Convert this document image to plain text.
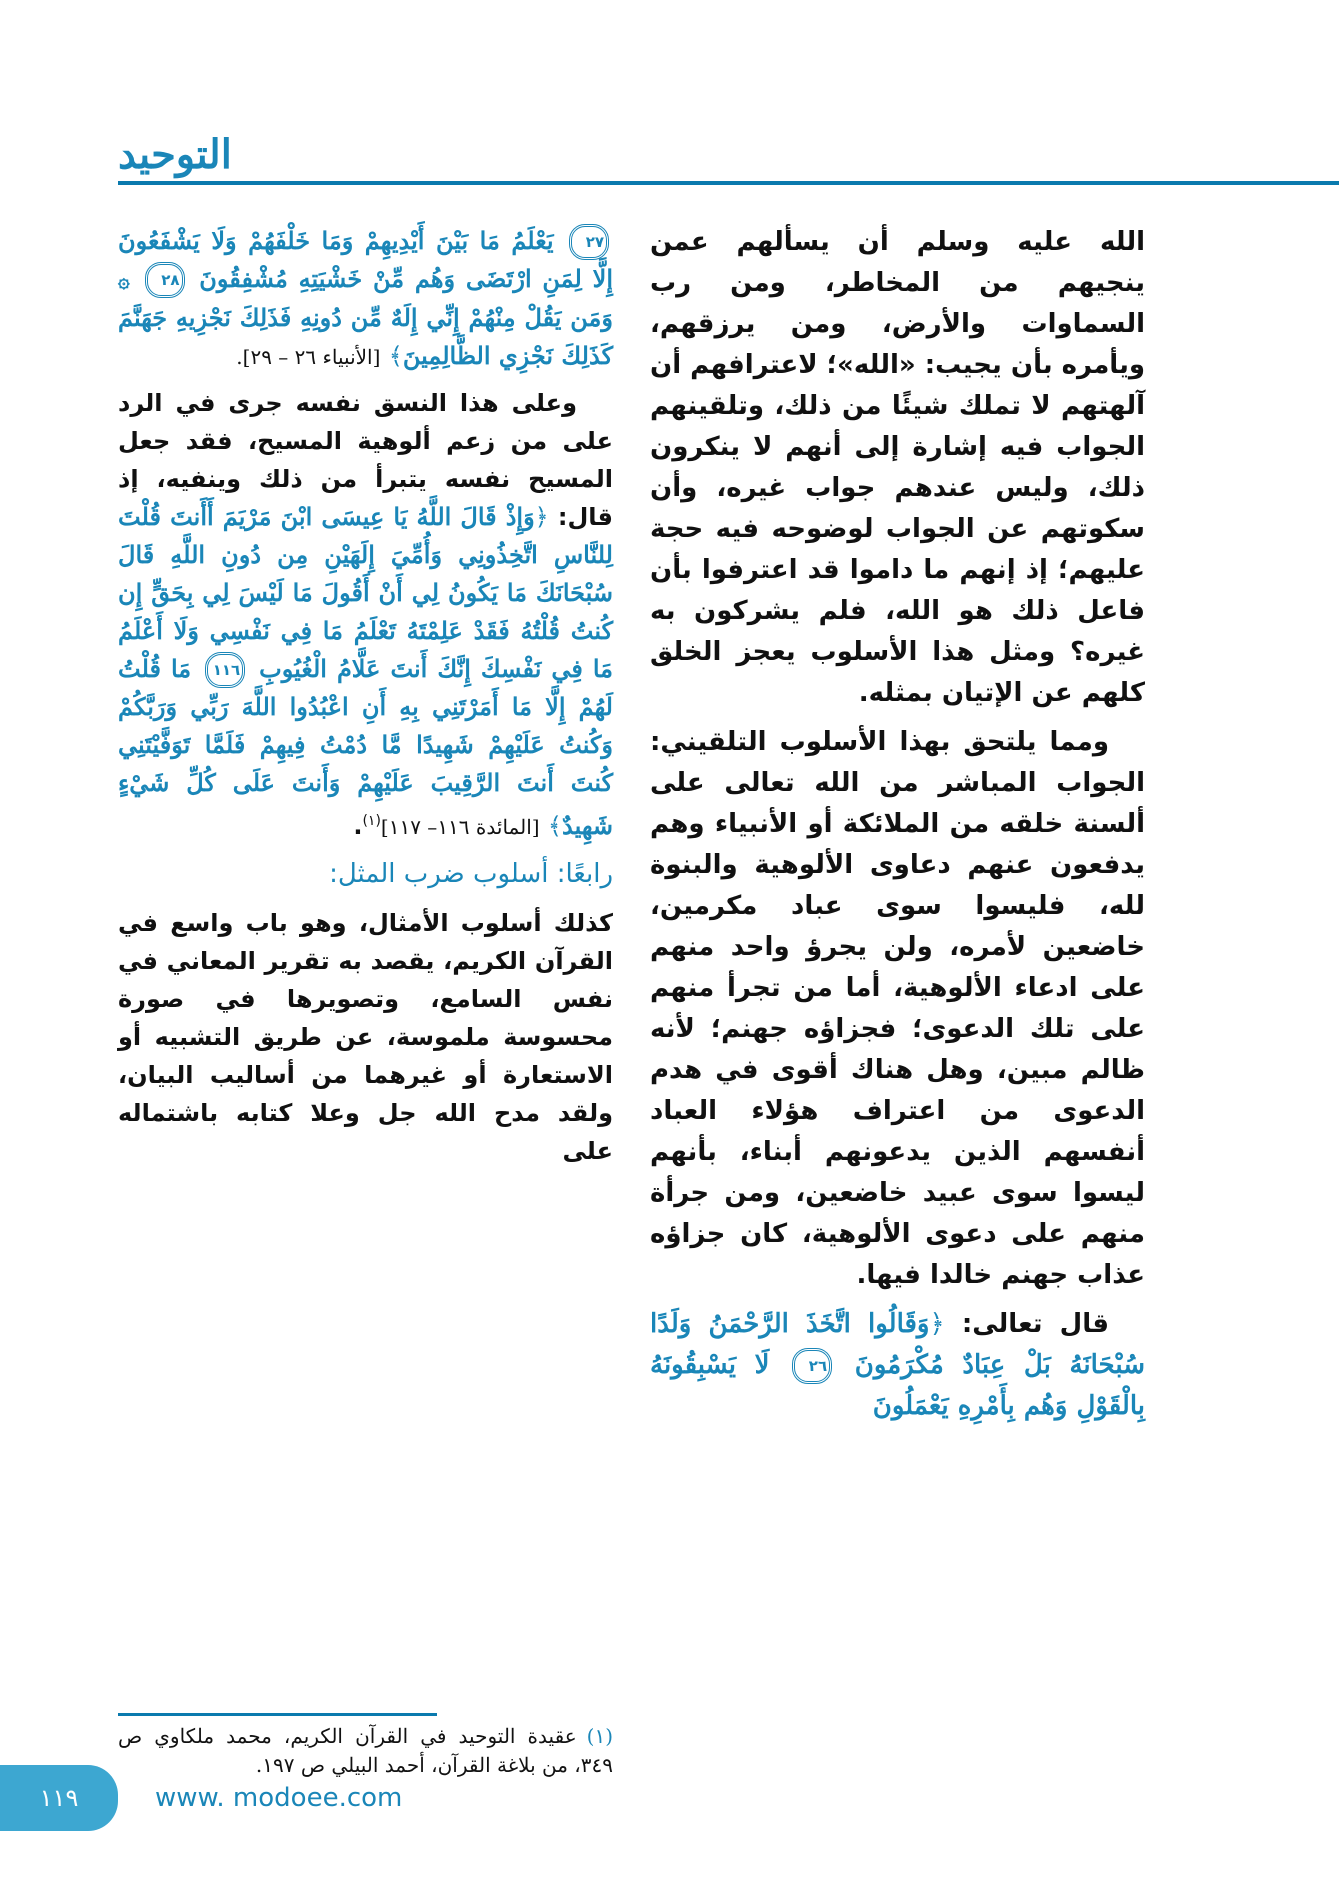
التوحيد

الله عليه وسلم أن يسألهم عمن ينجيهم من المخاطر، ومن رب السماوات والأرض، ومن يرزقهم، ويأمره بأن يجيب: «الله»؛ لاعترافهم أن آلهتهم لا تملك شيئًا من ذلك، وتلقينهم الجواب فيه إشارة إلى أنهم لا ينكرون ذلك، وليس عندهم جواب غيره، وأن سكوتهم عن الجواب لوضوحه فيه حجة عليهم؛ إذ إنهم ما داموا قد اعترفوا بأن فاعل ذلك هو الله، فلم يشركون به غيره؟ ومثل هذا الأسلوب يعجز الخلق كلهم عن الإتيان بمثله.

ومما يلتحق بهذا الأسلوب التلقيني: الجواب المباشر من الله تعالى على ألسنة خلقه من الملائكة أو الأنبياء وهم يدفعون عنهم دعاوى الألوهية والبنوة لله، فليسوا سوى عباد مكرمين، خاضعين لأمره، ولن يجرؤ واحد منهم على ادعاء الألوهية، أما من تجرأ منهم على تلك الدعوى؛ فجزاؤه جهنم؛ لأنه ظالم مبين، وهل هناك أقوى في هدم الدعوى من اعتراف هؤلاء العباد أنفسهم الذين يدعونهم أبناء، بأنهم ليسوا سوى عبيد خاضعين، ومن جرأة منهم على دعوى الألوهية، كان جزاؤه عذاب جهنم خالدا فيها.

قال تعالى: ﴿وَقَالُوا اتَّخَذَ الرَّحْمَنُ وَلَدًا سُبْحَانَهُ بَلْ عِبَادٌ مُكْرَمُونَ ٢٦ لَا يَسْبِقُونَهُ بِالْقَوْلِ وَهُم بِأَمْرِهِ يَعْمَلُونَ

٢٧ يَعْلَمُ مَا بَيْنَ أَيْدِيهِمْ وَمَا خَلْفَهُمْ وَلَا يَشْفَعُونَ إِلَّا لِمَنِ ارْتَضَى وَهُم مِّنْ خَشْيَتِهِ مُشْفِقُونَ ٢٨ ۞ وَمَن يَقُلْ مِنْهُمْ إِنِّي إِلَهٌ مِّن دُونِهِ فَذَلِكَ نَجْزِيهِ جَهَنَّمَ كَذَلِكَ نَجْزِي الظَّالِمِينَ﴾ [الأنبياء ٢٦ – ٢٩].

وعلى هذا النسق نفسه جرى في الرد على من زعم ألوهية المسيح، فقد جعل المسيح نفسه يتبرأ من ذلك وينفيه، إذ قال: ﴿وَإِذْ قَالَ اللَّهُ يَا عِيسَى ابْنَ مَرْيَمَ أَأَنتَ قُلْتَ لِلنَّاسِ اتَّخِذُونِي وَأُمِّيَ إِلَهَيْنِ مِن دُونِ اللَّهِ قَالَ سُبْحَانَكَ مَا يَكُونُ لِي أَنْ أَقُولَ مَا لَيْسَ لِي بِحَقٍّ إِن كُنتُ قُلْتُهُ فَقَدْ عَلِمْتَهُ تَعْلَمُ مَا فِي نَفْسِي وَلَا أَعْلَمُ مَا فِي نَفْسِكَ إِنَّكَ أَنتَ عَلَّامُ الْغُيُوبِ ١١٦ مَا قُلْتُ لَهُمْ إِلَّا مَا أَمَرْتَنِي بِهِ أَنِ اعْبُدُوا اللَّهَ رَبِّي وَرَبَّكُمْ وَكُنتُ عَلَيْهِمْ شَهِيدًا مَّا دُمْتُ فِيهِمْ فَلَمَّا تَوَفَّيْتَنِي كُنتَ أَنتَ الرَّقِيبَ عَلَيْهِمْ وَأَنتَ عَلَى كُلِّ شَيْءٍ شَهِيدٌ﴾ [المائدة ١١٦– ١١٧]$^{(١)}$.

رابعًا: أسلوب ضرب المثل:

كذلك أسلوب الأمثال، وهو باب واسع في القرآن الكريم، يقصد به تقرير المعاني في نفس السامع، وتصويرها في صورة محسوسة ملموسة، عن طريق التشبيه أو الاستعارة أو غيرهما من أساليب البيان، ولقد مدح الله جل وعلا كتابه باشتماله على

(١)عقيدة التوحيد في القرآن الكريم، محمد ملكاوي ص ٣٤٩، من بلاغة القرآن، أحمد البيلي ص ١٩٧.

١١٩	www. modoee.com
